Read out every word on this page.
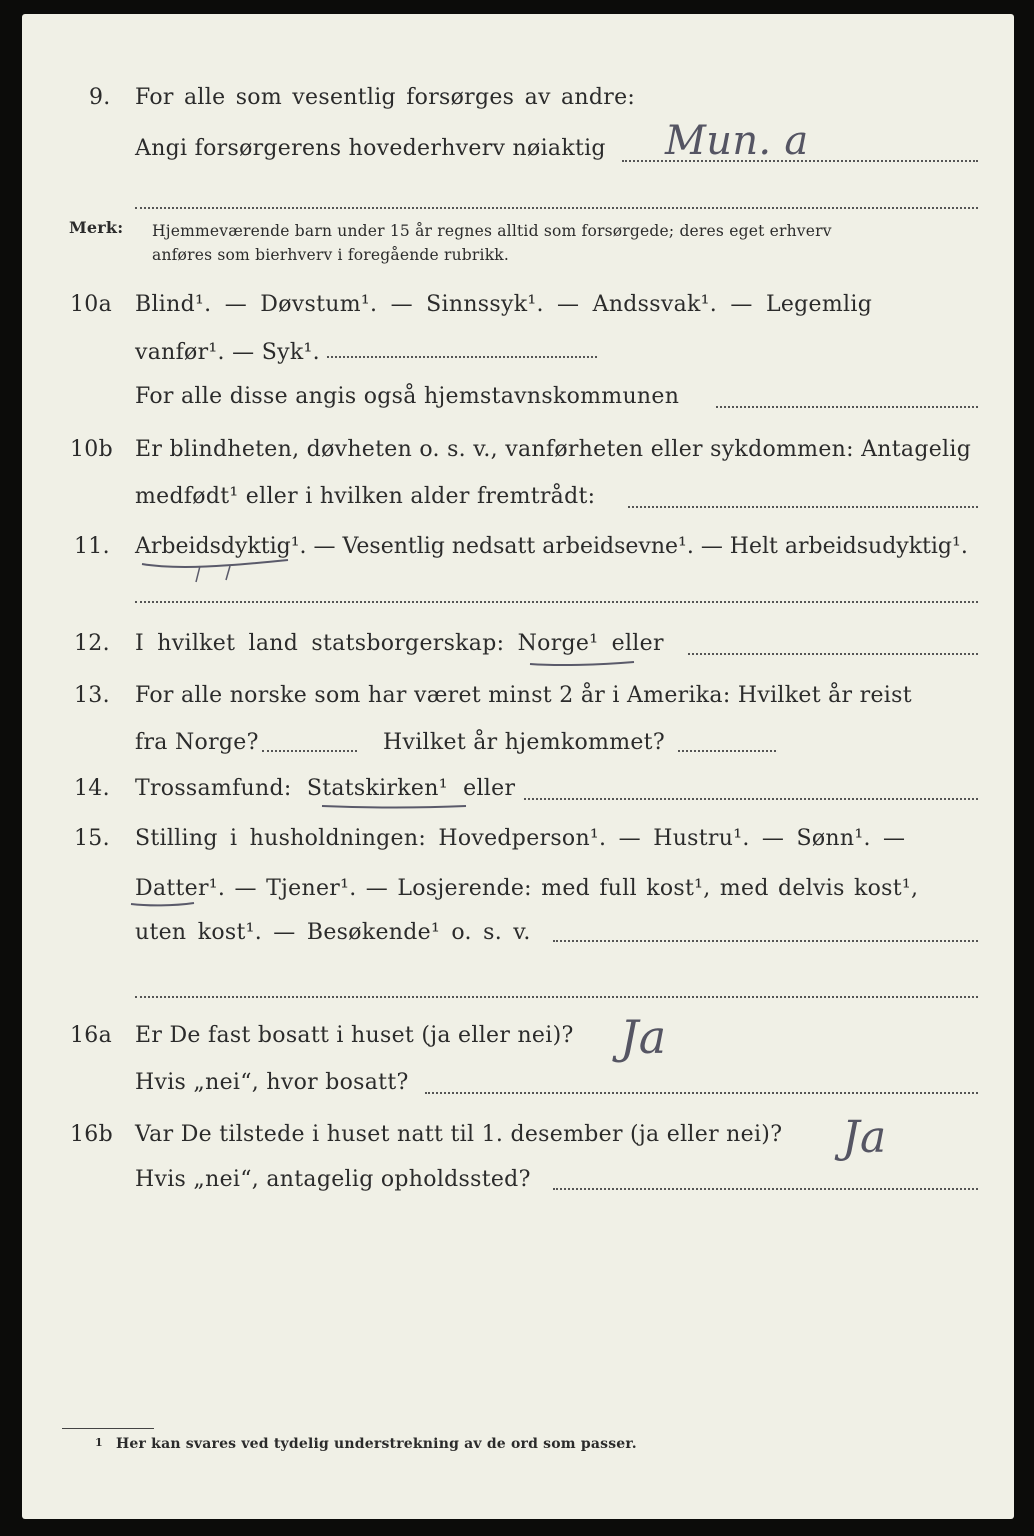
9. For alle som vesentlig forsørges av andre:
Angi forsørgerens hovederhverv nøiaktig Mun. a
Merk: Hjemmeværende barn under 15 år regnes alltid som forsørgede; deres eget erhverv
anføres som bierhverv i foregående rubrikk.
10a Blind¹. — Døvstum¹. — Sinnssyk¹. — Andssvak¹. — Legemlig
vanfør¹. — Syk¹.
For alle disse angis også hjemstavnskommunen
10b Er blindheten, døvheten o. s. v., vanførheten eller sykdommen: Antagelig
medfødt¹ eller i hvilken alder fremtrådt:
11. Arbeidsdyktig¹. — Vesentlig nedsatt arbeidsevne¹. — Helt arbeidsudyktig¹.
12. I hvilket land statsborgerskap: Norge¹ eller
13. For alle norske som har været minst 2 år i Amerika: Hvilket år reist
fra Norge?	Hvilket år hjemkommet?
14. Trossamfund: Statskirken¹ eller
15. Stilling i husholdningen: Hovedperson¹. — Hustru¹. — Sønn¹. —
Datter¹. — Tjener¹. — Losjerende: med full kost¹, med delvis kost¹,
uten kost¹. — Besøkende¹ o. s. v.
16a Er De fast bosatt i huset (ja eller nei)?
Hvis „nei“, hvor bosatt?
Ja
16b Var De tilstede i huset natt til 1. desember (ja eller nei)? Ja
Hvis „nei“, antagelig opholdssted?
1 Her kan svares ved tydelig understrekning av de ord som passer.
